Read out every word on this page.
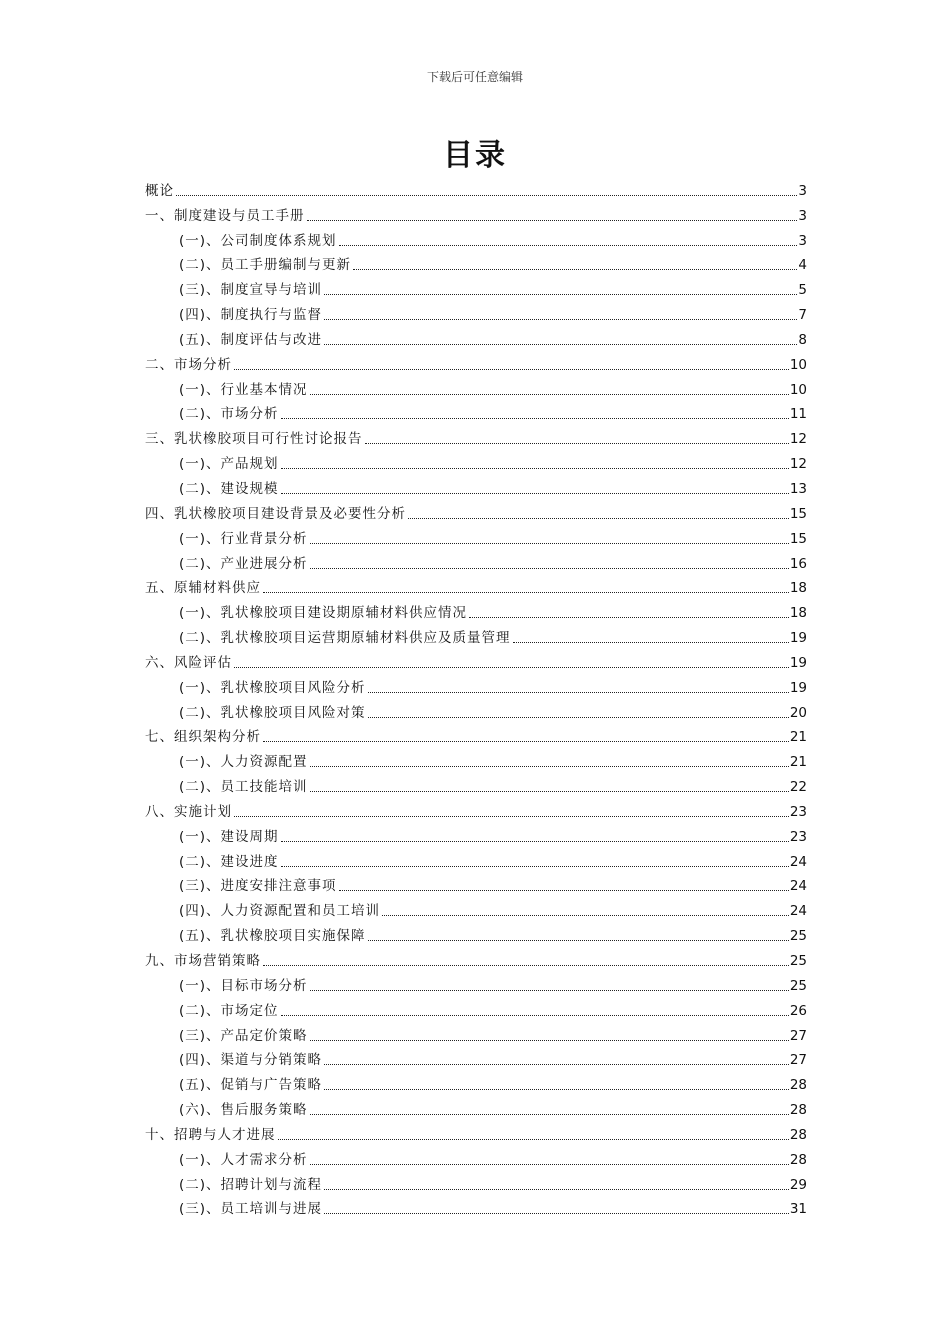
下载后可任意编辑
目录
概论	3
一、制度建设与员工手册	3
(一)、公司制度体系规划	3
(二)、员工手册编制与更新	4
(三)、制度宣导与培训	5
(四)、制度执行与监督	7
(五)、制度评估与改进	8
二、市场分析	10
(一)、行业基本情况	10
(二)、市场分析	11
三、乳状橡胶项目可行性讨论报告	12
(一)、产品规划	12
(二)、建设规模	13
四、乳状橡胶项目建设背景及必要性分析	15
(一)、行业背景分析	15
(二)、产业进展分析	16
五、原辅材料供应	18
(一)、乳状橡胶项目建设期原辅材料供应情况	18
(二)、乳状橡胶项目运营期原辅材料供应及质量管理	19
六、风险评估	19
(一)、乳状橡胶项目风险分析	19
(二)、乳状橡胶项目风险对策	20
七、组织架构分析	21
(一)、人力资源配置	21
(二)、员工技能培训	22
八、实施计划	23
(一)、建设周期	23
(二)、建设进度	24
(三)、进度安排注意事项	24
(四)、人力资源配置和员工培训	24
(五)、乳状橡胶项目实施保障	25
九、市场营销策略	25
(一)、目标市场分析	25
(二)、市场定位	26
(三)、产品定价策略	27
(四)、渠道与分销策略	27
(五)、促销与广告策略	28
(六)、售后服务策略	28
十、招聘与人才进展	28
(一)、人才需求分析	28
(二)、招聘计划与流程	29
(三)、员工培训与进展	31
